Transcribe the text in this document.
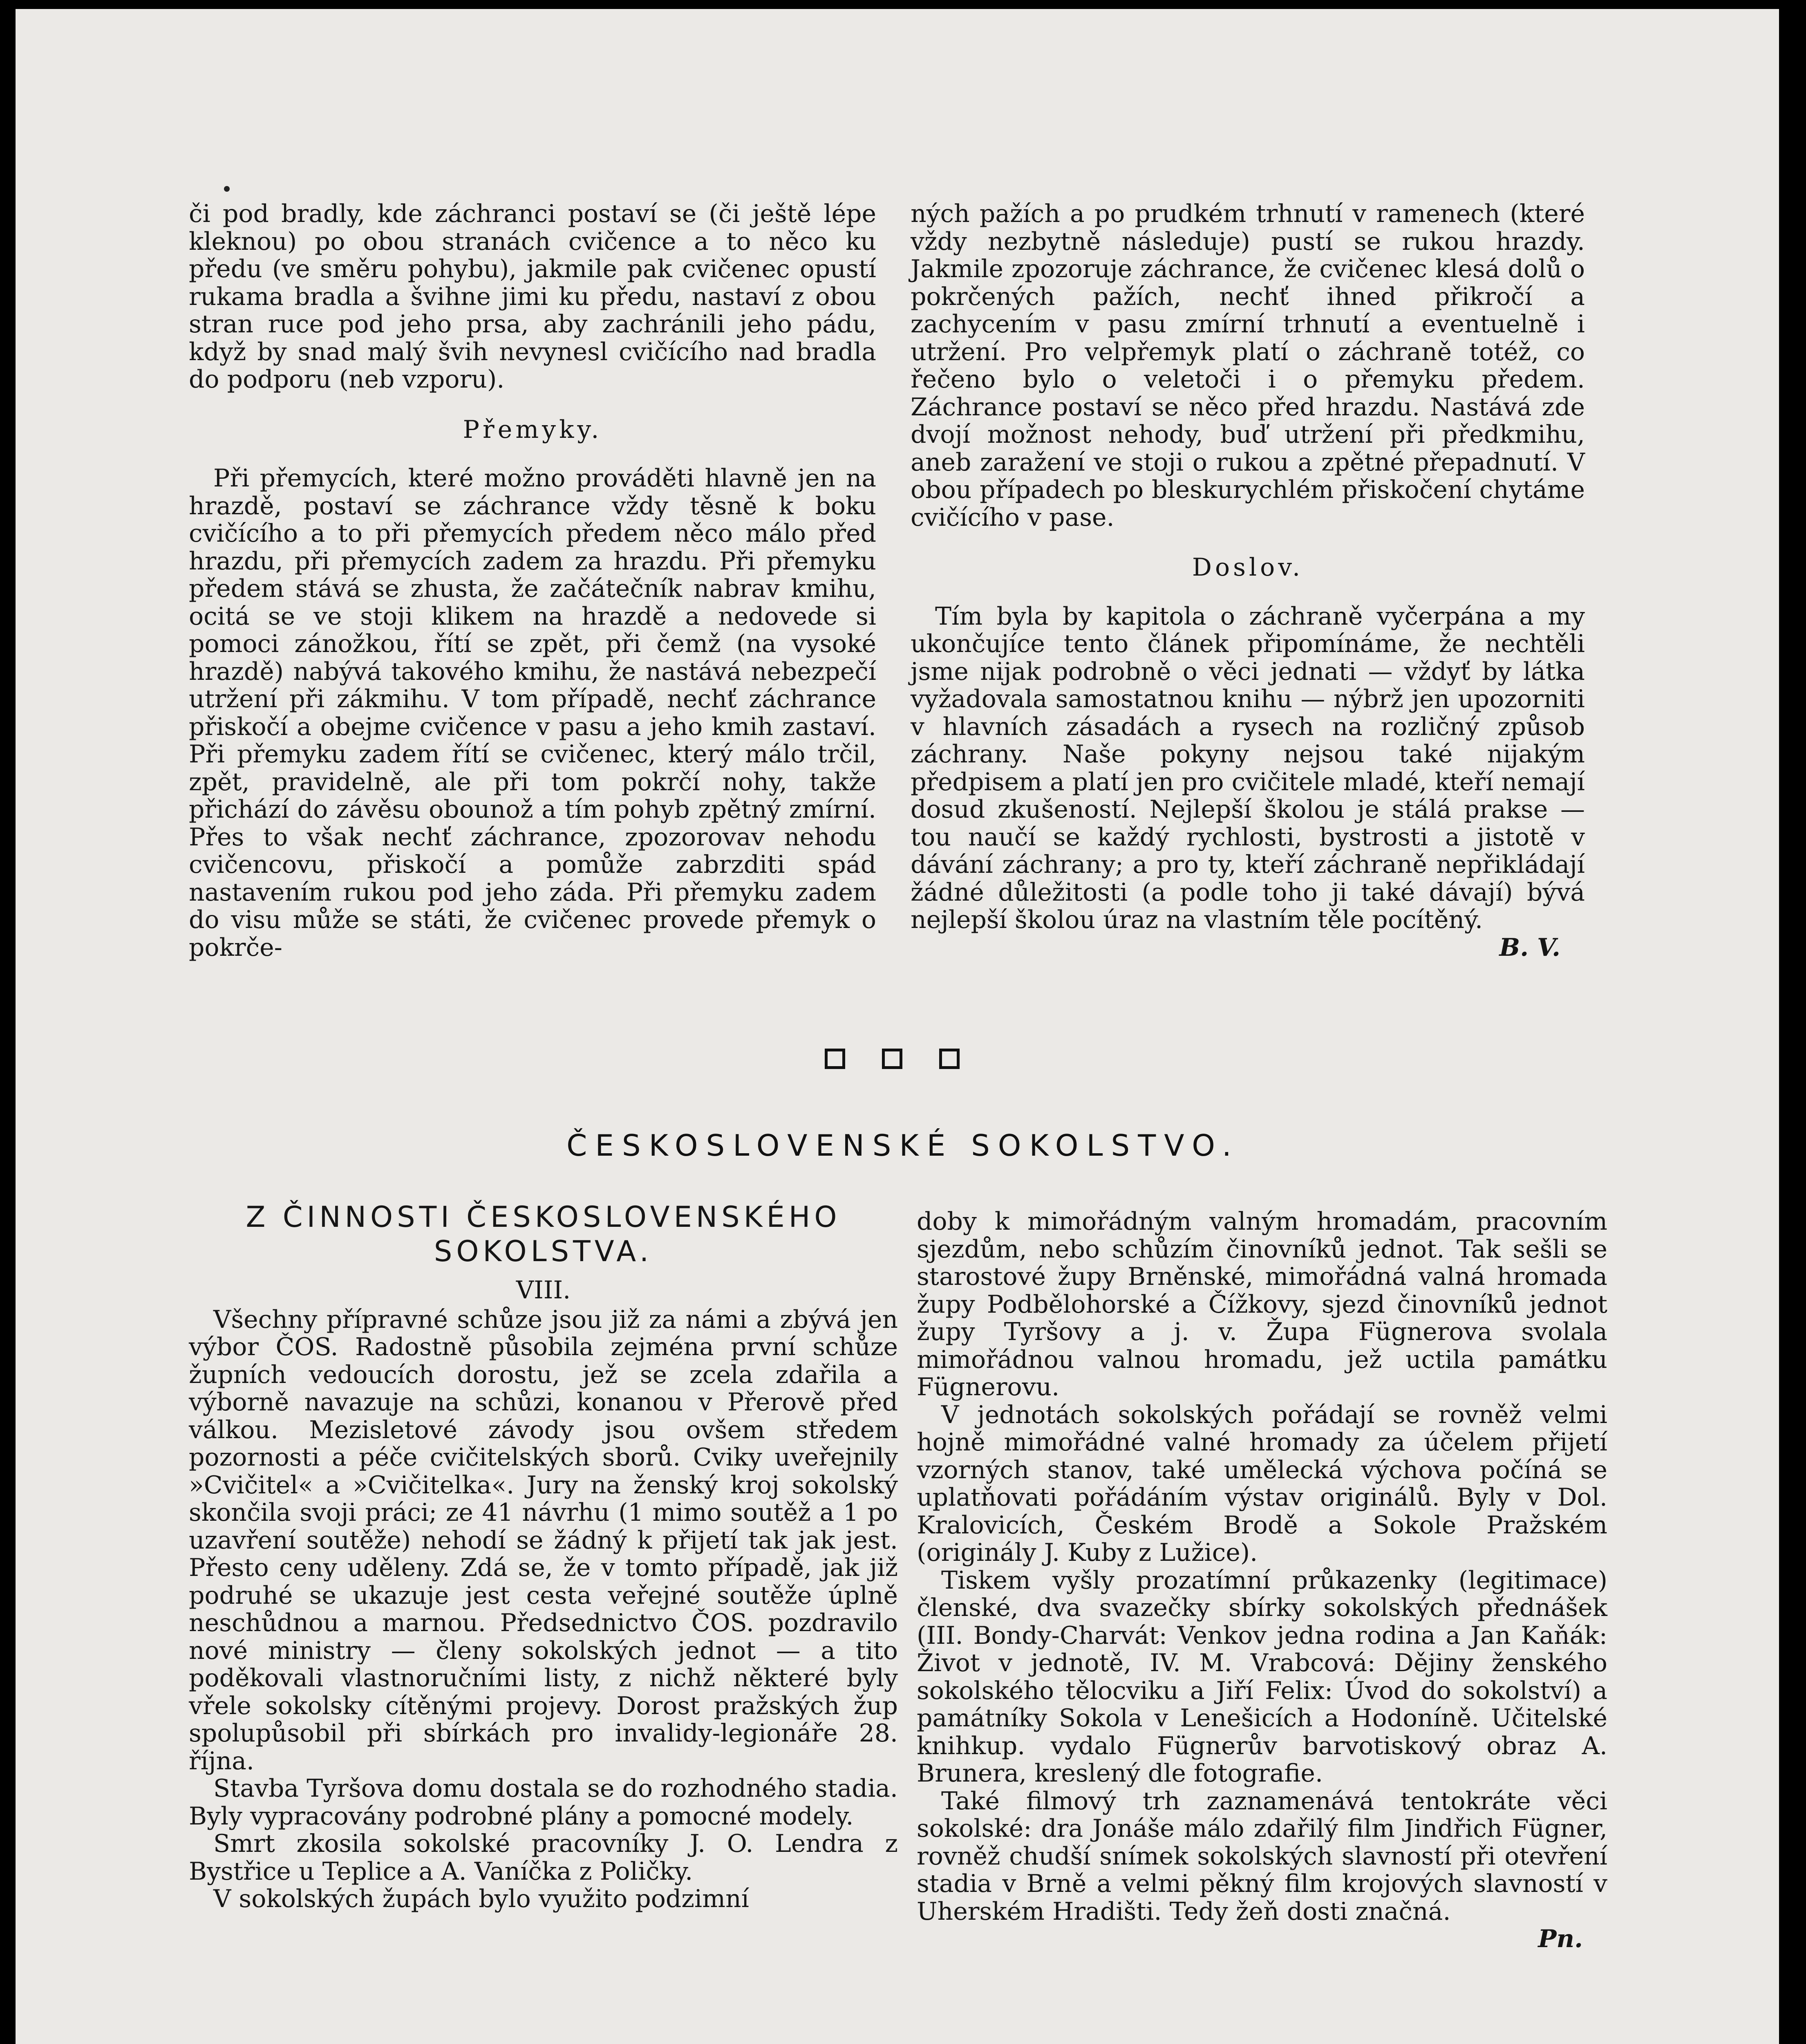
či pod bradly, kde záchranci postaví se (či ještě lépe kleknou) po obou stranách cvičence a to něco ku předu (ve směru pohybu), jakmile pak cvičenec opustí rukama bradla a švihne jimi ku předu, nastaví z obou stran ruce pod jeho prsa, aby zachránili jeho pádu, když by snad malý švih nevynesl cvičícího nad bradla do podporu (neb vzporu).

Přemyky.

Při přemycích, které možno prováděti hlavně jen na hrazdě, postaví se záchrance vždy těsně k boku cvičícího a to při přemycích předem něco málo před hrazdu, při přemycích zadem za hrazdu. Při přemyku předem stává se zhusta, že začátečník nabrav kmihu, ocitá se ve stoji klikem na hrazdě a nedovede si pomoci zánožkou, řítí se zpět, při čemž (na vysoké hrazdě) nabývá takového kmihu, že nastává nebezpečí utržení při zákmihu. V tom případě, nechť záchrance přiskočí a obejme cvičence v pasu a jeho kmih zastaví. Při přemyku zadem řítí se cvičenec, který málo trčil, zpět, pravidelně, ale při tom pokrčí nohy, takže přichází do závěsu obounož a tím pohyb zpětný zmírní. Přes to však nechť záchrance, zpozorovav nehodu cvičencovu, přiskočí a pomůže zabrzditi spád nastavením rukou pod jeho záda. Při přemyku zadem do visu může se státi, že cvičenec provede přemyk o pokrče-

ných pažích a po prudkém trhnutí v ramenech (které vždy nezbytně následuje) pustí se rukou hrazdy. Jakmile zpozoruje záchrance, že cvičenec klesá dolů o pokrčených pažích, nechť ihned přikročí a zachycením v pasu zmírní trhnutí a eventuelně i utržení. Pro velpřemyk platí o záchraně totéž, co řečeno bylo o veletoči i o přemyku předem. Záchrance postaví se něco před hrazdu. Nastává zde dvojí možnost nehody, buď utržení při předkmihu, aneb zaražení ve stoji o rukou a zpětné přepadnutí. V obou případech po bleskurychlém přiskočení chytáme cvičícího v pase.

Doslov.

Tím byla by kapitola o záchraně vyčerpána a my ukončujíce tento článek připomínáme, že nechtěli jsme nijak podrobně o věci jednati — vždyť by látka vyžadovala samostatnou knihu — nýbrž jen upozorniti v hlavních zásadách a rysech na rozličný způsob záchrany. Naše pokyny nejsou také nijakým předpisem a platí jen pro cvičitele mladé, kteří nemají dosud zkušeností. Nejlepší školou je stálá prakse — tou naučí se každý rychlosti, bystrosti a jistotě v dávání záchrany; a pro ty, kteří záchraně nepřikládají žádné důležitosti (a podle toho ji také dávají) bývá nejlepší školou úraz na vlastním těle pocítěný.

B. V.

ČESKOSLOVENSKÉ SOKOLSTVO.

Z ČINNOSTI ČESKOSLOVENSKÉHO SOKOLSTVA.

VIII.

Všechny přípravné schůze jsou již za námi a zbývá jen výbor ČOS. Radostně působila zejména první schůze župních vedoucích dorostu, jež se zcela zdařila a výborně navazuje na schůzi, konanou v Přerově před válkou. Mezisletové závody jsou ovšem středem pozornosti a péče cvičitelských sborů. Cviky uveřejnily »Cvičitel« a »Cvičitelka«. Jury na ženský kroj sokolský skončila svoji práci; ze 41 návrhu (1 mimo soutěž a 1 po uzavření soutěže) nehodí se žádný k přijetí tak jak jest. Přesto ceny uděleny. Zdá se, že v tomto případě, jak již podruhé se ukazuje jest cesta veřejné soutěže úplně neschůdnou a marnou. Předsednictvo ČOS. pozdravilo nové ministry — členy sokolských jednot — a tito poděkovali vlastnoručními listy, z nichž některé byly vřele sokolsky cítěnými projevy. Dorost pražských žup spolupůsobil při sbírkách pro invalidy-legionáře 28. října.

Stavba Tyršova domu dostala se do rozhodného stadia. Byly vypracovány podrobné plány a pomocné modely.

Smrt zkosila sokolské pracovníky J. O. Lendra z Bystřice u Teplice a A. Vaníčka z Poličky.

V sokolských župách bylo využito podzimní

doby k mimořádným valným hromadám, pracovním sjezdům, nebo schůzím činovníků jednot. Tak sešli se starostové župy Brněnské, mimořádná valná hromada župy Podbělohorské a Čížkovy, sjezd činovníků jednot župy Tyršovy a j. v. Župa Fügnerova svolala mimořádnou valnou hromadu, jež uctila památku Fügnerovu.

V jednotách sokolských pořádají se rovněž velmi hojně mimořádné valné hromady za účelem přijetí vzorných stanov, také umělecká výchova počíná se uplatňovati pořádáním výstav originálů. Byly v Dol. Kralovicích, Českém Brodě a Sokole Pražském (originály J. Kuby z Lužice).

Tiskem vyšly prozatímní průkazenky (legitimace) členské, dva svazečky sbírky sokolských přednášek (III. Bondy-Charvát: Venkov jedna rodina a Jan Kaňák: Život v jednotě, IV. M. Vrabcová: Dějiny ženského sokolského tělocviku a Jiří Felix: Úvod do sokolství) a památníky Sokola v Lenešicích a Hodoníně. Učitelské knihkup. vydalo Fügnerův barvotiskový obraz A. Brunera, kreslený dle fotografie.

Také filmový trh zaznamenává tentokráte věci sokolské: dra Jonáše málo zdařilý film Jindřich Fügner, rovněž chudší snímek sokolských slavností při otevření stadia v Brně a velmi pěkný film krojových slavností v Uherském Hradišti. Tedy žeň dosti značná.

Pn.
